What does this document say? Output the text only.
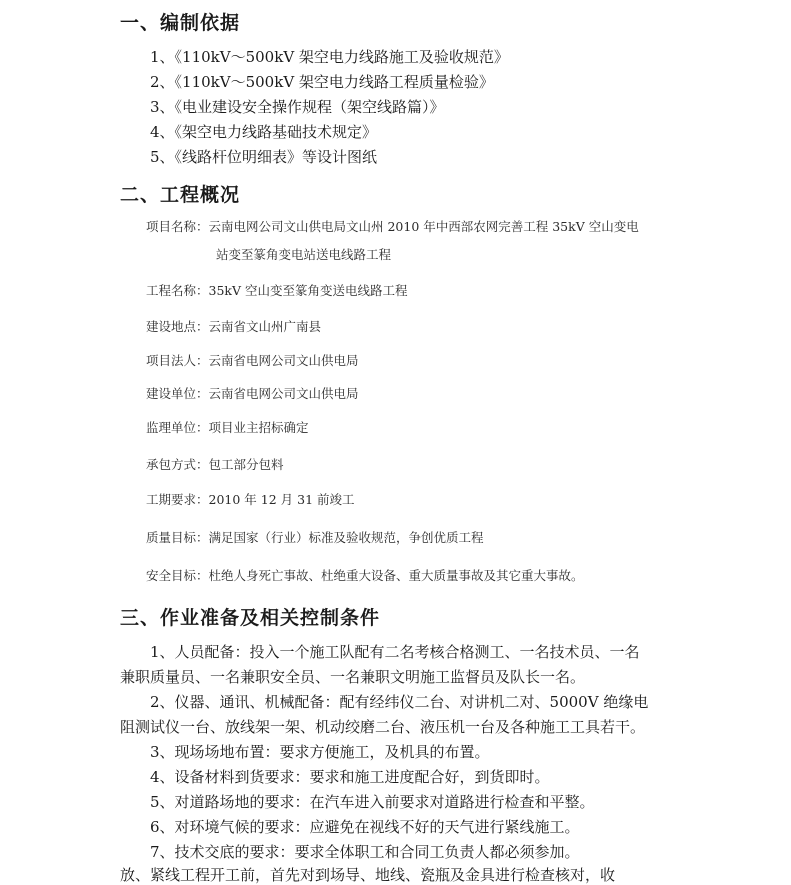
一、编制依据
1、《110kV～500kV 架空电力线路施工及验收规范》
2、《110kV～500kV 架空电力线路工程质量检验》
3、《电业建设安全操作规程（架空线路篇）》
4、《架空电力线路基础技术规定》
5、《线路杆位明细表》等设计图纸
二、工程概况
项目名称：云南电网公司文山供电局文山州 2010 年中西部农网完善工程 35kV 空山变电
站变至篆角变电站送电线路工程
工程名称：35kV 空山变至篆角变送电线路工程
建设地点：云南省文山州广南县
项目法人：云南省电网公司文山供电局
建设单位：云南省电网公司文山供电局
监理单位：项目业主招标确定
承包方式：包工部分包料
工期要求：2010 年 12 月 31 前竣工
质量目标：满足国家（行业）标准及验收规范，争创优质工程
安全目标：杜绝人身死亡事故、杜绝重大设备、重大质量事故及其它重大事故。
三、作业准备及相关控制条件
1、人员配备：投入一个施工队配有二名考核合格测工、一名技术员、一名
兼职质量员、一名兼职安全员、一名兼职文明施工监督员及队长一名。
2、仪器、通讯、机械配备：配有经纬仪二台、对讲机二对、5000V 绝缘电
阻测试仪一台、放线架一架、机动绞磨二台、液压机一台及各种施工工具若干。
3、现场场地布置：要求方便施工，及机具的布置。
4、设备材料到货要求：要求和施工进度配合好，到货即时。
5、对道路场地的要求：在汽车进入前要求对道路进行检查和平整。
6、对环境气候的要求：应避免在视线不好的天气进行紧线施工。
7、技术交底的要求：要求全体职工和合同工负责人都必须参加。
放、紧线工程开工前，首先对到场导、地线、瓷瓶及金具进行检查核对，收
